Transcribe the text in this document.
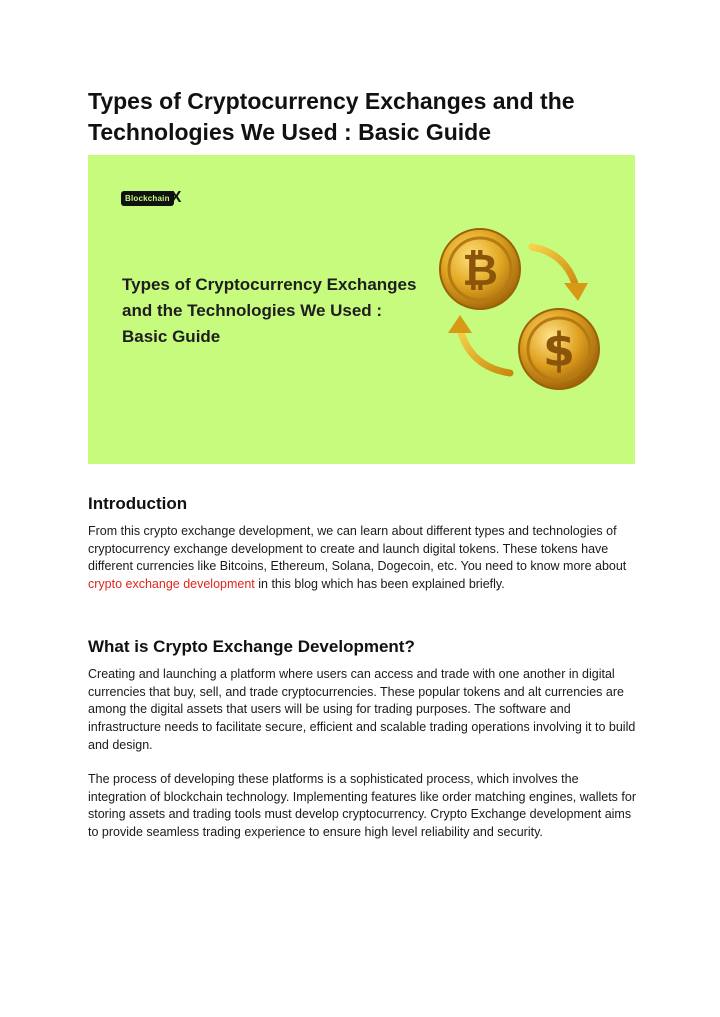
Types of Cryptocurrency Exchanges and the Technologies We Used : Basic Guide
Blockchain X
Types of Cryptocurrency Exchanges and the Technologies We Used : Basic Guide
₿
$
Introduction

From this crypto exchange development, we can learn about different types and technologies of cryptocurrency exchange development to create and launch digital tokens. These tokens have different currencies like Bitcoins, Ethereum, Solana, Dogecoin, etc. You need to know more about crypto exchange development in this blog which has been explained briefly.

What is Crypto Exchange Development?

Creating and launching a platform where users can access and trade with one another in digital currencies that buy, sell, and trade cryptocurrencies. These popular tokens and alt currencies are among the digital assets that users will be using for trading purposes. The software and infrastructure needs to facilitate secure, efficient and scalable trading operations involving it to build and design.

The process of developing these platforms is a sophisticated process, which involves the integration of blockchain technology. Implementing features like order matching engines, wallets for storing assets and trading tools must develop cryptocurrency. Crypto Exchange development aims to provide seamless trading experience to ensure high level reliability and security.
